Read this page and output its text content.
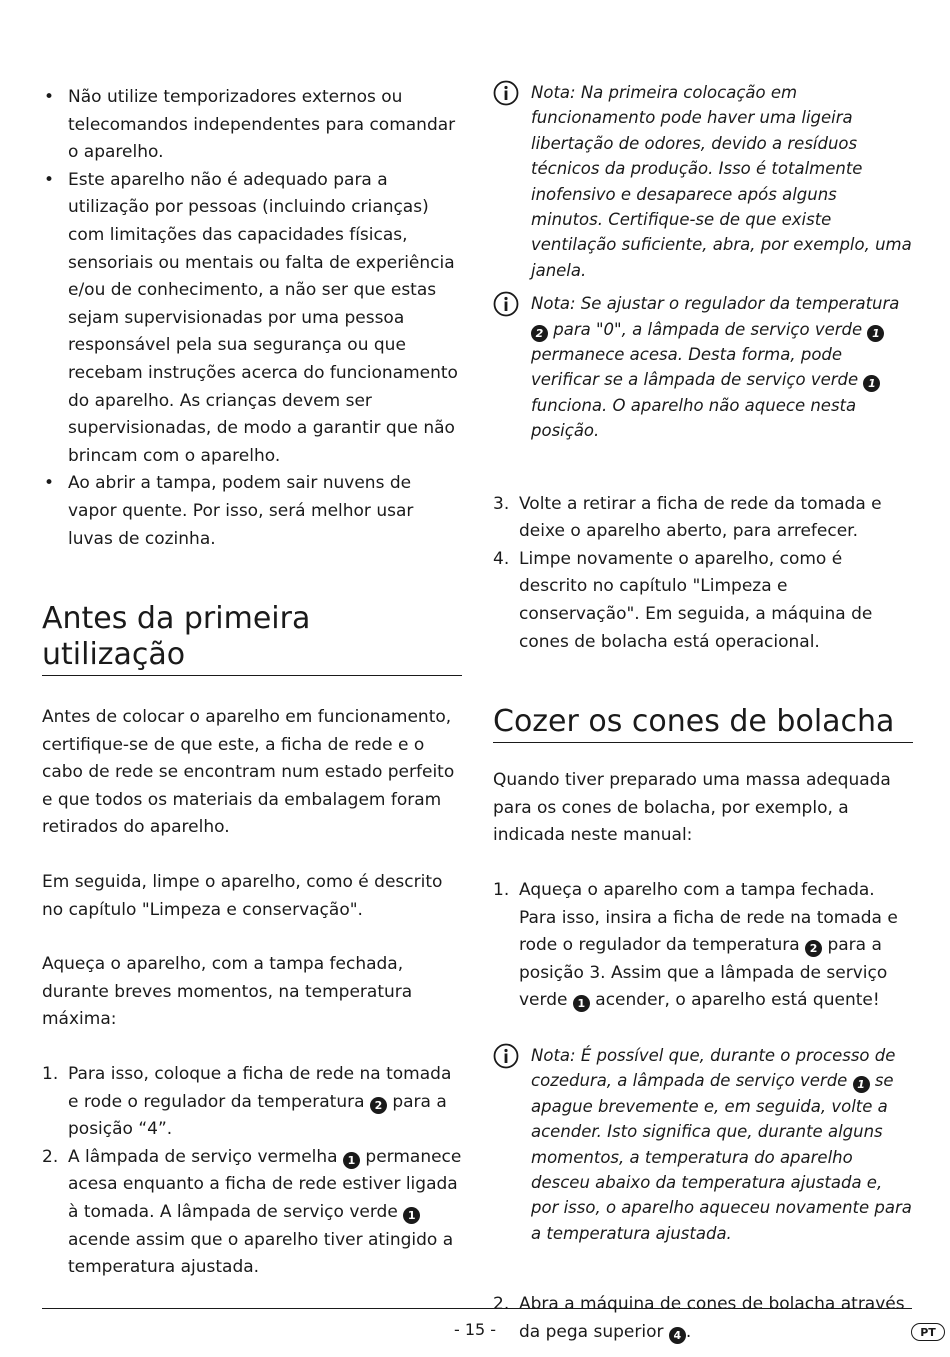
• Não utilize temporizadores externos ou telecomandos independentes para comandar o aparelho.
• Este aparelho não é adequado para a utilização por pessoas (incluindo crianças) com limitações das capacidades físicas, sensoriais ou mentais ou falta de experiência e/ou de conhecimento, a não ser que estas sejam supervisionadas por uma pessoa responsável pela sua segurança ou que recebam instruções acerca do funcionamento do aparelho. As crianças devem ser supervisionadas, de modo a garantir que não brincam com o aparelho.
• Ao abrir a tampa, podem sair nuvens de vapor quente. Por isso, será melhor usar luvas de cozinha.
Antes da primeira utilização

Antes de colocar o aparelho em funcionamento, certifique-se de que este, a ficha de rede e o cabo de rede se encontram num estado perfeito e que todos os materiais da embalagem foram retirados do aparelho.

Em seguida, limpe o aparelho, como é descrito no capítulo "Limpeza e conservação".

Aqueça o aparelho, com a tampa fechada, durante breves momentos, na temperatura máxima:

1. Para isso, coloque a ficha de rede na tomada e rode o regulador da temperatura 2 para a posição “4”.
2. A lâmpada de serviço vermelha 1 permanece acesa enquanto a ficha de rede estiver ligada à tomada. A lâmpada de serviço verde 1 acende assim que o aparelho tiver atingido a temperatura ajustada.

Nota: Na primeira colocação em funcionamento pode haver uma ligeira libertação de odores, devido a resíduos técnicos da produção. Isso é totalmente inofensivo e desaparece após alguns minutos. Certifique-se de que existe ventilação suficiente, abra, por exemplo, uma janela.

Nota: Se ajustar o regulador da temperatura 2 para "0", a lâmpada de serviço verde 1 permanece acesa. Desta forma, pode verificar se a lâmpada de serviço verde 1 funciona. O aparelho não aquece nesta posição.

3. Volte a retirar a ficha de rede da tomada e deixe o aparelho aberto, para arrefecer.
4. Limpe novamente o aparelho, como é descrito no capítulo "Limpeza e conservação". Em seguida, a máquina de cones de bolacha está operacional.
Cozer os cones de bolacha

Quando tiver preparado uma massa adequada para os cones de bolacha, por exemplo, a indicada neste manual:

1. Aqueça o aparelho com a tampa fechada. Para isso, insira a ficha de rede na tomada e rode o regulador da temperatura 2 para a posição 3. Assim que a lâmpada de serviço verde 1 acender, o aparelho está quente!

Nota: É possível que, durante o processo de cozedura, a lâmpada de serviço verde 1 se apague brevemente e, em seguida, volte a acender. Isto significa que, durante alguns momentos, a temperatura do aparelho desceu abaixo da temperatura ajustada e, por isso, o aparelho aqueceu novamente para a temperatura ajustada.

2. Abra a máquina de cones de bolacha através da pega superior 4 .
- 15 -	PT
